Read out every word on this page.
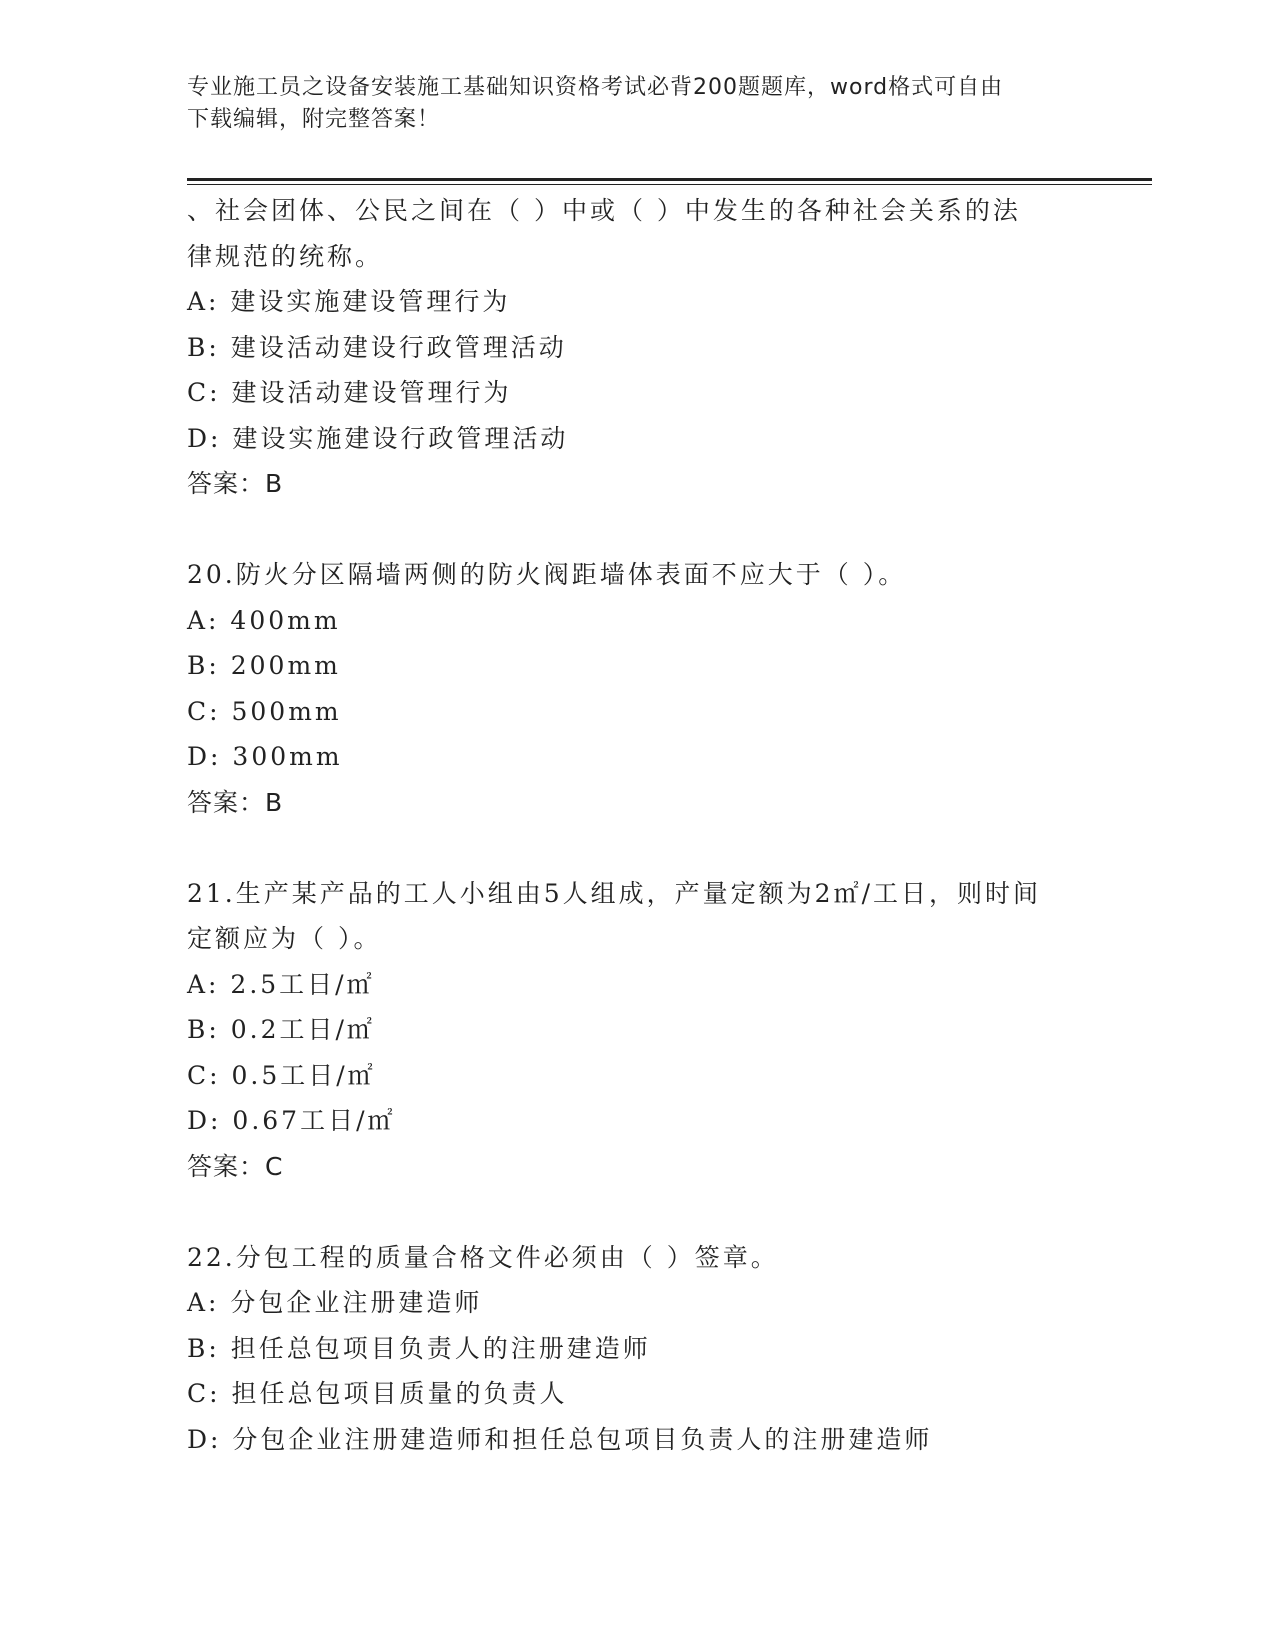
专业施工员之设备安装施工基础知识资格考试必背200题题库，word格式可自由
下载编辑，附完整答案！
、社会团体、公民之间在（ ）中或（ ）中发生的各种社会关系的法
律规范的统称。
A: 建设实施建设管理行为
B: 建设活动建设行政管理活动
C: 建设活动建设管理行为
D: 建设实施建设行政管理活动
答案：B
20.防火分区隔墙两侧的防火阀距墙体表面不应大于（ ）。
A: 400mm
B: 200mm
C: 500mm
D: 300mm
答案：B
21.生产某产品的工人小组由5人组成，产量定额为2㎡/工日，则时间
定额应为（ ）。
A: 2.5工日/㎡
B: 0.2工日/㎡
C: 0.5工日/㎡
D: 0.67工日/㎡
答案：C
22.分包工程的质量合格文件必须由（ ）签章。
A: 分包企业注册建造师
B: 担任总包项目负责人的注册建造师
C: 担任总包项目质量的负责人
D: 分包企业注册建造师和担任总包项目负责人的注册建造师
